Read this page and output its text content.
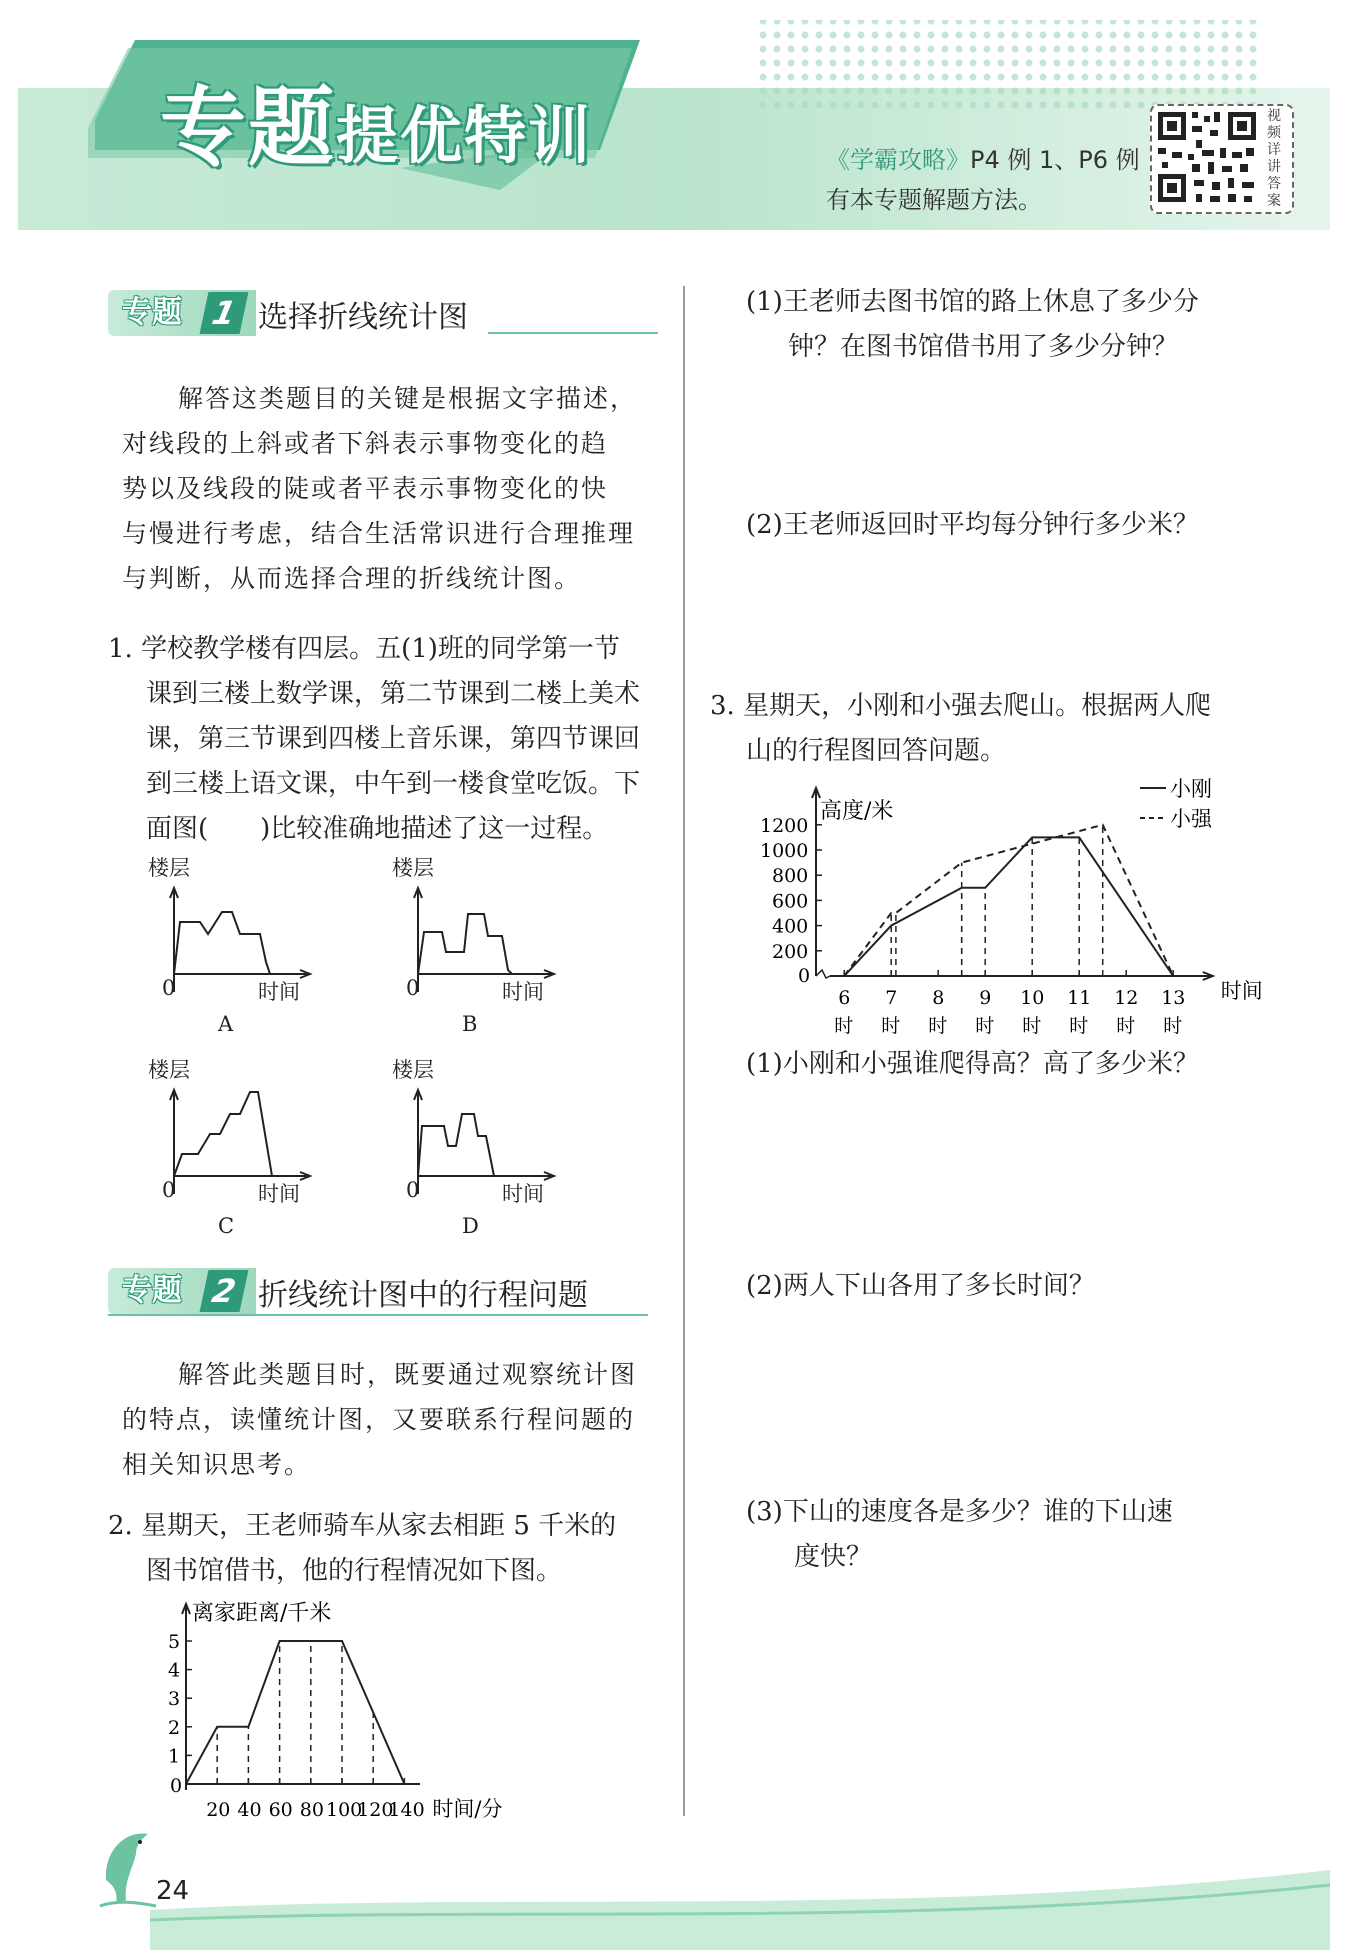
专题提优特训	《学霸攻略》P4 例 1、P6 例
有本专题解题方法。
视
频
详
讲
答
案
专题 1 选择折线统计图
解答这类题目的关键是根据文字描述，
对线段的上斜或者下斜表示事物变化的趋
势以及线段的陡或者平表示事物变化的快
与慢进行考虑，结合生活常识进行合理推理
与判断，从而选择合理的折线统计图。
1. 学校教学楼有四层。五(1)班的同学第一节
课到三楼上数学课，第二节课到二楼上美术
课，第三节课到四楼上音乐课，第四节课回
到三楼上语文课，中午到一楼食堂吃饭。下
面图(　　)比较准确地描述了这一过程。
楼层
0	时间
A
楼层
0	时间
B
楼层
0	时间
C
楼层
0	时间
D
专题 2 折线统计图中的行程问题
解答此类题目时，既要通过观察统计图
的特点，读懂统计图，又要联系行程问题的
相关知识思考。
2. 星期天，王老师骑车从家去相距 5 千米的
图书馆借书，他的行程情况如下图。
离家距离/千米
0
1
2
3
4
5
20 40 60 80 100
120
140 时间/分
(1)王老师去图书馆的路上休息了多少分
钟？在图书馆借书用了多少分钟？
(2)王老师返回时平均每分钟行多少米？
3. 星期天，小刚和小强去爬山。根据两人爬
山的行程图回答问题。
高度/米
0
200
400
600
800
1000
1200
6
时
7
时
8
时
9
时
10
时
11
时
12
时
13
时
时间
小刚
小强
(1)小刚和小强谁爬得高？高了多少米？
(2)两人下山各用了多长时间？
(3)下山的速度各是多少？谁的下山速
度快？
24
